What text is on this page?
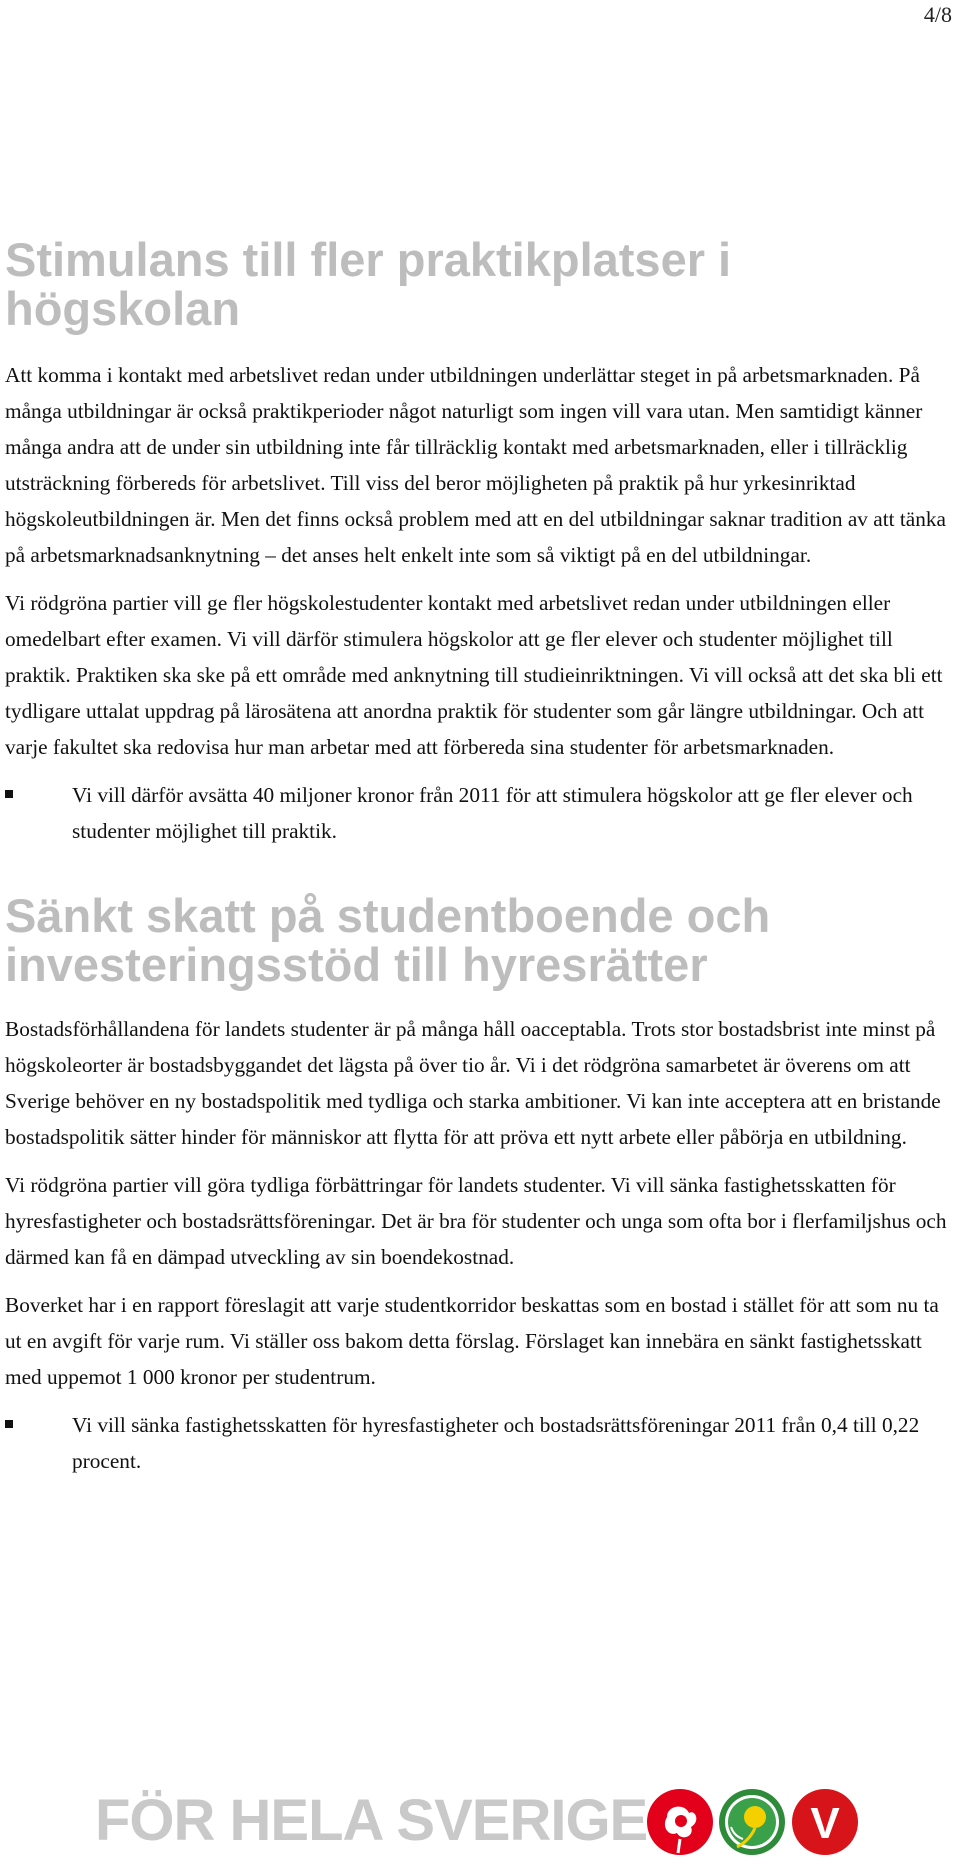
4/8
Stimulans till fler praktikplatser i högskolan

Att komma i kontakt med arbetslivet redan under utbildningen underlättar steget in på arbetsmarknaden. På många utbildningar är också praktikperioder något naturligt som ingen vill vara utan. Men samtidigt känner många andra att de under sin utbildning inte får tillräcklig kontakt med arbetsmarknaden, eller i tillräcklig utsträckning förbereds för arbetslivet. Till viss del beror möjligheten på praktik på hur yrkesinriktad högskoleutbildningen är. Men det finns också problem med att en del utbildningar saknar tradition av att tänka på arbetsmarknadsanknytning – det anses helt enkelt inte som så viktigt på en del utbildningar.

Vi rödgröna partier vill ge fler högskolestudenter kontakt med arbetslivet redan under utbildningen eller omedelbart efter examen. Vi vill därför stimulera högskolor att ge fler elever och studenter möjlighet till praktik. Praktiken ska ske på ett område med anknytning till studieinriktningen. Vi vill också att det ska bli ett tydligare uttalat uppdrag på lärosätena att anordna praktik för studenter som går längre utbildningar. Och att varje fakultet ska redovisa hur man arbetar med att förbereda sina studenter för arbetsmarknaden.

Vi vill därför avsätta 40 miljoner kronor från 2011 för att stimulera högskolor att ge fler elever och studenter möjlighet till praktik.
Sänkt skatt på studentboende och investeringsstöd till hyresrätter

Bostadsförhållandena för landets studenter är på många håll oacceptabla. Trots stor bostadsbrist inte minst på högskoleorter är bostadsbyggandet det lägsta på över tio år. Vi i det rödgröna samarbetet är överens om att Sverige behöver en ny bostadspolitik med tydliga och starka ambitioner. Vi kan inte acceptera att en bristande bostadspolitik sätter hinder för människor att flytta för att pröva ett nytt arbete eller påbörja en utbildning.

Vi rödgröna partier vill göra tydliga förbättringar för landets studenter. Vi vill sänka fastighetsskatten för hyresfastigheter och bostadsrättsföreningar. Det är bra för studenter och unga som ofta bor i flerfamiljshus och därmed kan få en dämpad utveckling av sin boendekostnad.

Boverket har i en rapport föreslagit att varje studentkorridor beskattas som en bostad i stället för att som nu ta ut en avgift för varje rum. Vi ställer oss bakom detta förslag. Förslaget kan innebära en sänkt fastighetsskatt med uppemot 1 000 kronor per studentrum.

Vi vill sänka fastighetsskatten för hyresfastigheter och bostadsrättsföreningar 2011 från 0,4 till 0,22 procent.
FÖR HELA SVERIGE	V
